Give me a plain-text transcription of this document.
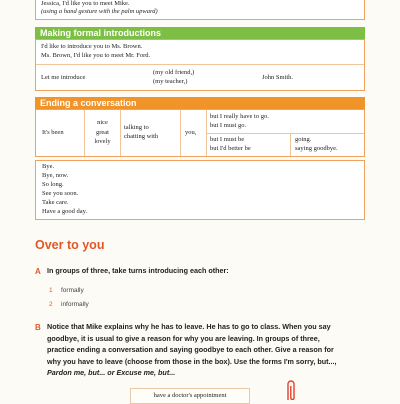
Jessica, I'd like you to meet Mike.
(using a hand gesture with the palm upward)
Making formal introductions
I'd like to introduce you to Ms. Brown.
Ms. Brown, I'd like you to meet Mr. Ford.
Let me introduce
(my old friend,)
(my teacher,)
John Smith.
Ending a conversation
It's been
nice
great
lovely
talking to
chatting with
you,
but I really have to go.
but I must go.
but I must be
but I'd better be
going.
saying goodbye.
Bye.
Bye, now.
So long.
See you soon.
Take care.
Have a good day.
Over to you
A In groups of three, take turns introducing each other:
1 formally
2 informally
B Notice that Mike explains why he has to leave. He has to go to class. When you say
goodbye, it is usual to give a reason for why you are leaving. In groups of three,
practice ending a conversation and saying goodbye to each other. Give a reason for
why you have to leave (choose from those in the box). Use the forms I'm sorry, but...,
Pardon me, but... or Excuse me, but...
have a doctor's appointment
